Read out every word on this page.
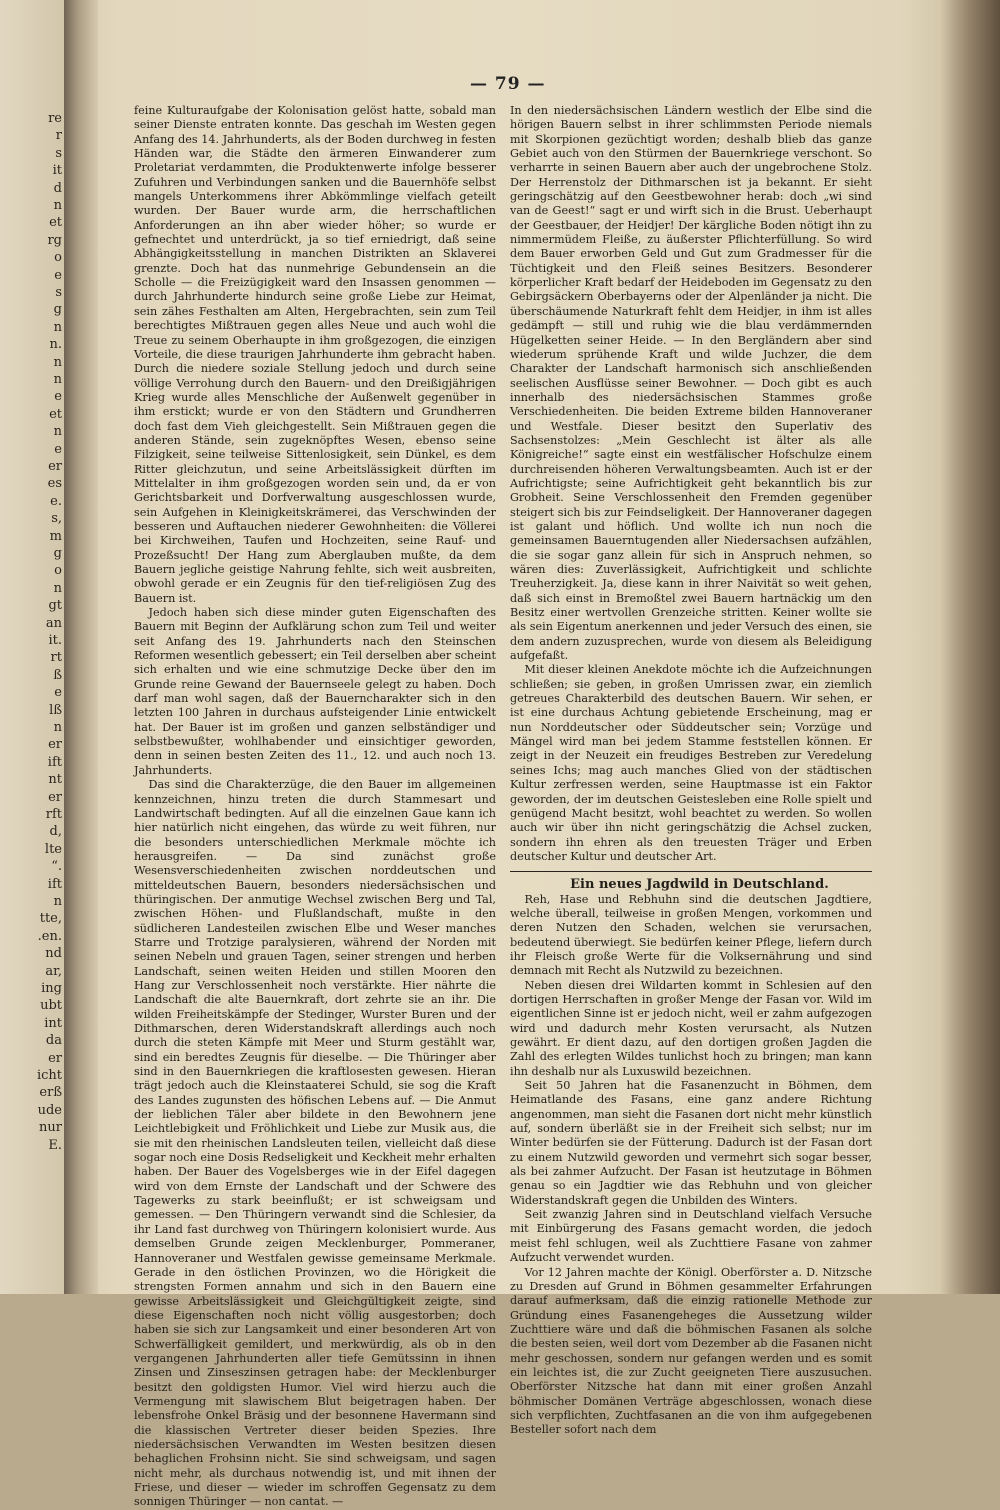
re
r
s
it
d
n
et
rg
o
e
s
g
n
n.
n
n
e
et
n
e
er
es
e.
s,
m
g
o
n
gt
an
it.
rt
ß
e
lß
n
er
ift
nt
er
rft
d,
lte
“.
ift
n
tte,
.en.
nd
ar,
ing
ubt
int
da
er
icht
erß
ude
nur
E.
— 79 —

feine Kulturaufgabe der Kolonisation gelöst hatte, sobald man seiner Dienste entraten konnte. Das geschah im Westen gegen Anfang des 14. Jahrhunderts, als der Boden durchweg in festen Händen war, die Städte den ärmeren Einwanderer zum Proletariat verdammten, die Produktenwerte infolge besserer Zufuhren und Verbindungen sanken und die Bauernhöfe selbst mangels Unterkommens ihrer Abkömmlinge vielfach geteilt wurden. Der Bauer wurde arm, die herrschaftlichen Anforderungen an ihn aber wieder höher; so wurde er gefnechtet und unterdrückt, ja so tief erniedrigt, daß seine Abhängigkeitsstellung in manchen Distrikten an Sklaverei grenzte. Doch hat das nunmehrige Gebundensein an die Scholle — die Freizügigkeit ward den Insassen genommen — durch Jahrhunderte hindurch seine große Liebe zur Heimat, sein zähes Festhalten am Alten, Hergebrachten, sein zum Teil berechtigtes Mißtrauen gegen alles Neue und auch wohl die Treue zu seinem Oberhaupte in ihm großgezogen, die einzigen Vorteile, die diese traurigen Jahrhunderte ihm gebracht haben. Durch die niedere soziale Stellung jedoch und durch seine völlige Verrohung durch den Bauern- und den Dreißigjährigen Krieg wurde alles Menschliche der Außenwelt gegenüber in ihm erstickt; wurde er von den Städtern und Grundherren doch fast dem Vieh gleichgestellt. Sein Mißtrauen gegen die anderen Stände, sein zugeknöpftes Wesen, ebenso seine Filzigkeit, seine teilweise Sittenlosigkeit, sein Dünkel, es dem Ritter gleichzutun, und seine Arbeitslässigkeit dürften im Mittelalter in ihm großgezogen worden sein und, da er von Gerichtsbarkeit und Dorfverwaltung ausgeschlossen wurde, sein Aufgehen in Kleinigkeitskrämerei, das Verschwinden der besseren und Auftauchen niederer Gewohnheiten: die Völlerei bei Kirchweihen, Taufen und Hochzeiten, seine Rauf- und Prozeßsucht! Der Hang zum Aberglauben mußte, da dem Bauern jegliche geistige Nahrung fehlte, sich weit ausbreiten, obwohl gerade er ein Zeugnis für den tief-religiösen Zug des Bauern ist.

Jedoch haben sich diese minder guten Eigenschaften des Bauern mit Beginn der Aufklärung schon zum Teil und weiter seit Anfang des 19. Jahrhunderts nach den Steinschen Reformen wesentlich gebessert; ein Teil derselben aber scheint sich erhalten und wie eine schmutzige Decke über den im Grunde reine Gewand der Bauernseele gelegt zu haben. Doch darf man wohl sagen, daß der Bauerncharakter sich in den letzten 100 Jahren in durchaus aufsteigender Linie entwickelt hat. Der Bauer ist im großen und ganzen selbständiger und selbstbewußter, wohlhabender und einsichtiger geworden, denn in seinen besten Zeiten des 11., 12. und auch noch 13. Jahrhunderts.

Das sind die Charakterzüge, die den Bauer im allgemeinen kennzeichnen, hinzu treten die durch Stammesart und Landwirtschaft bedingten. Auf all die einzelnen Gaue kann ich hier natürlich nicht eingehen, das würde zu weit führen, nur die besonders unterschiedlichen Merkmale möchte ich herausgreifen. — Da sind zunächst große Wesensverschiedenheiten zwischen norddeutschen und mitteldeutschen Bauern, besonders niedersächsischen und thüringischen. Der anmutige Wechsel zwischen Berg und Tal, zwischen Höhen- und Flußlandschaft, mußte in den südlicheren Landesteilen zwischen Elbe und Weser manches Starre und Trotzige paralysieren, während der Norden mit seinen Nebeln und grauen Tagen, seiner strengen und herben Landschaft, seinen weiten Heiden und stillen Mooren den Hang zur Verschlossenheit noch verstärkte. Hier nährte die Landschaft die alte Bauernkraft, dort zehrte sie an ihr. Die wilden Freiheitskämpfe der Stedinger, Wurster Buren und der Dithmarschen, deren Widerstandskraft allerdings auch noch durch die steten Kämpfe mit Meer und Sturm gestählt war, sind ein beredtes Zeugnis für dieselbe. — Die Thüringer aber sind in den Bauernkriegen die kraftlosesten gewesen. Hieran trägt jedoch auch die Kleinstaaterei Schuld, sie sog die Kraft des Landes zugunsten des höfischen Lebens auf. — Die Anmut der lieblichen Täler aber bildete in den Bewohnern jene Leichtlebigkeit und Fröhlichkeit und Liebe zur Musik aus, die sie mit den rheinischen Landsleuten teilen, vielleicht daß diese sogar noch eine Dosis Redseligkeit und Keckheit mehr erhalten haben. Der Bauer des Vogelsberges wie in der Eifel dagegen wird von dem Ernste der Landschaft und der Schwere des Tagewerks zu stark beeinflußt; er ist schweigsam und gemessen. — Den Thüringern verwandt sind die Schlesier, da ihr Land fast durchweg von Thüringern kolonisiert wurde. Aus demselben Grunde zeigen Mecklenburger, Pommeraner, Hannoveraner und Westfalen gewisse gemeinsame Merkmale. Gerade in den östlichen Provinzen, wo die Hörigkeit die strengsten Formen annahm und sich in den Bauern eine gewisse Arbeitslässigkeit und Gleichgültigkeit zeigte, sind diese Eigenschaften noch nicht völlig ausgestorben; doch haben sie sich zur Langsamkeit und einer besonderen Art von Schwerfälligkeit gemildert, und merkwürdig, als ob in den vergangenen Jahrhunderten aller tiefe Gemütssinn in ihnen Zinsen und Zinseszinsen getragen habe: der Mecklenburger besitzt den goldigsten Humor. Viel wird hierzu auch die Vermengung mit slawischem Blut beigetragen haben. Der lebensfrohe Onkel Bräsig und der besonnene Havermann sind die klassischen Vertreter dieser beiden Spezies. Ihre niedersächsischen Verwandten im Westen besitzen diesen behaglichen Frohsinn nicht. Sie sind schweigsam, und sagen nicht mehr, als durchaus notwendig ist, und mit ihnen der Friese, und dieser — wieder im schroffen Gegensatz zu dem sonnigen Thüringer — non cantat. —

In den niedersächsischen Ländern westlich der Elbe sind die hörigen Bauern selbst in ihrer schlimmsten Periode niemals mit Skorpionen gezüchtigt worden; deshalb blieb das ganze Gebiet auch von den Stürmen der Bauernkriege verschont. So verharrte in seinen Bauern aber auch der ungebrochene Stolz. Der Herrenstolz der Dithmarschen ist ja bekannt. Er sieht geringschätzig auf den Geestbewohner herab: doch „wi sind van de Geest!“ sagt er und wirft sich in die Brust. Ueberhaupt der Geestbauer, der Heidjer! Der kärgliche Boden nötigt ihn zu nimmermüdem Fleiße, zu äußerster Pflichterfüllung. So wird dem Bauer erworben Geld und Gut zum Gradmesser für die Tüchtigkeit und den Fleiß seines Besitzers. Besonderer körperlicher Kraft bedarf der Heideboden im Gegensatz zu den Gebirgsäckern Oberbayerns oder der Alpenländer ja nicht. Die überschäumende Naturkraft fehlt dem Heidjer, in ihm ist alles gedämpft — still und ruhig wie die blau verdämmernden Hügelketten seiner Heide. — In den Bergländern aber sind wiederum sprühende Kraft und wilde Juchzer, die dem Charakter der Landschaft harmonisch sich anschließenden seelischen Ausflüsse seiner Bewohner. — Doch gibt es auch innerhalb des niedersächsischen Stammes große Verschiedenheiten. Die beiden Extreme bilden Hannoveraner und Westfale. Dieser besitzt den Superlativ des Sachsenstolzes: „Mein Geschlecht ist älter als alle Königreiche!“ sagte einst ein westfälischer Hofschulze einem durchreisenden höheren Verwaltungsbeamten. Auch ist er der Aufrichtigste; seine Aufrichtigkeit geht bekanntlich bis zur Grobheit. Seine Verschlossenheit den Fremden gegenüber steigert sich bis zur Feindseligkeit. Der Hannoveraner dagegen ist galant und höflich. Und wollte ich nun noch die gemeinsamen Bauerntugenden aller Niedersachsen aufzählen, die sie sogar ganz allein für sich in Anspruch nehmen, so wären dies: Zuverlässigkeit, Aufrichtigkeit und schlichte Treuherzigkeit. Ja, diese kann in ihrer Naivität so weit gehen, daß sich einst in Bremoßtel zwei Bauern hartnäckig um den Besitz einer wertvollen Grenzeiche stritten. Keiner wollte sie als sein Eigentum anerkennen und jeder Versuch des einen, sie dem andern zuzusprechen, wurde von diesem als Beleidigung aufgefaßt.

Mit dieser kleinen Anekdote möchte ich die Aufzeichnungen schließen; sie geben, in großen Umrissen zwar, ein ziemlich getreues Charakterbild des deutschen Bauern. Wir sehen, er ist eine durchaus Achtung gebietende Erscheinung, mag er nun Norddeutscher oder Süddeutscher sein; Vorzüge und Mängel wird man bei jedem Stamme feststellen können. Er zeigt in der Neuzeit ein freudiges Bestreben zur Veredelung seines Ichs; mag auch manches Glied von der städtischen Kultur zerfressen werden, seine Hauptmasse ist ein Faktor geworden, der im deutschen Geistesleben eine Rolle spielt und genügend Macht besitzt, wohl beachtet zu werden. So wollen auch wir über ihn nicht geringschätzig die Achsel zucken, sondern ihn ehren als den treuesten Träger und Erben deutscher Kultur und deutscher Art.

Ein neues Jagdwild in Deutschland.

Reh, Hase und Rebhuhn sind die deutschen Jagdtiere, welche überall, teilweise in großen Mengen, vorkommen und deren Nutzen den Schaden, welchen sie verursachen, bedeutend überwiegt. Sie bedürfen keiner Pflege, liefern durch ihr Fleisch große Werte für die Volksernährung und sind demnach mit Recht als Nutzwild zu bezeichnen.

Neben diesen drei Wildarten kommt in Schlesien auf den dortigen Herrschaften in großer Menge der Fasan vor. Wild im eigentlichen Sinne ist er jedoch nicht, weil er zahm aufgezogen wird und dadurch mehr Kosten verursacht, als Nutzen gewährt. Er dient dazu, auf den dortigen großen Jagden die Zahl des erlegten Wildes tunlichst hoch zu bringen; man kann ihn deshalb nur als Luxuswild bezeichnen.

Seit 50 Jahren hat die Fasanenzucht in Böhmen, dem Heimatlande des Fasans, eine ganz andere Richtung angenommen, man sieht die Fasanen dort nicht mehr künstlich auf, sondern überläßt sie in der Freiheit sich selbst; nur im Winter bedürfen sie der Fütterung. Dadurch ist der Fasan dort zu einem Nutzwild geworden und vermehrt sich sogar besser, als bei zahmer Aufzucht. Der Fasan ist heutzutage in Böhmen genau so ein Jagdtier wie das Rebhuhn und von gleicher Widerstandskraft gegen die Unbilden des Winters.

Seit zwanzig Jahren sind in Deutschland vielfach Versuche mit Einbürgerung des Fasans gemacht worden, die jedoch meist fehl schlugen, weil als Zuchttiere Fasane von zahmer Aufzucht verwendet wurden.

Vor 12 Jahren machte der Königl. Oberförster a. D. Nitzsche zu Dresden auf Grund in Böhmen gesammelter Erfahrungen darauf aufmerksam, daß die einzig rationelle Methode zur Gründung eines Fasanengeheges die Aussetzung wilder Zuchttiere wäre und daß die böhmischen Fasanen als solche die besten seien, weil dort vom Dezember ab die Fasanen nicht mehr geschossen, sondern nur gefangen werden und es somit ein leichtes ist, die zur Zucht geeigneten Tiere auszusuchen. Oberförster Nitzsche hat dann mit einer großen Anzahl böhmischer Domänen Verträge abgeschlossen, wonach diese sich verpflichten, Zuchtfasanen an die von ihm aufgegebenen Besteller sofort nach dem
